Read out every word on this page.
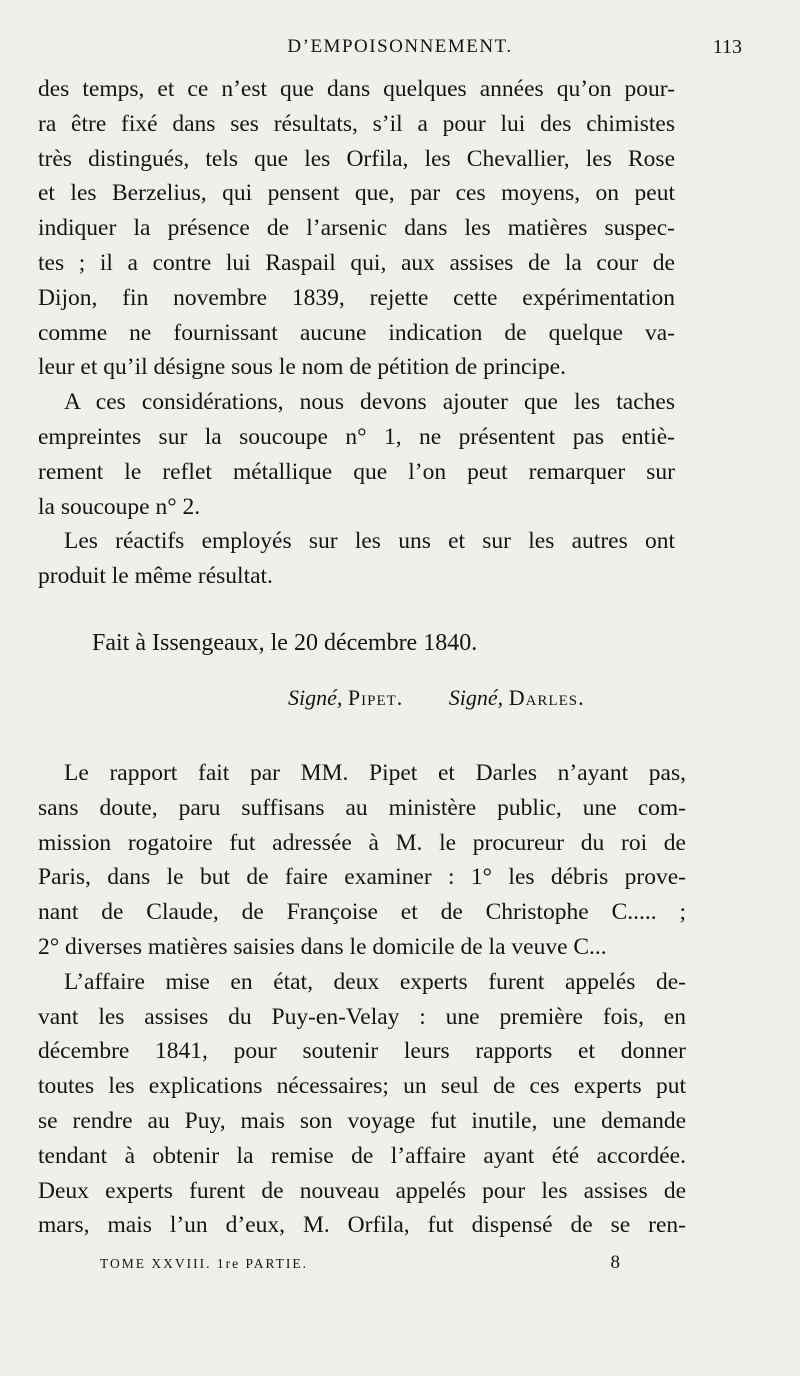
D’EMPOISONNEMENT.	113
des temps, et ce n’est que dans quelques années qu’on pour-
ra être fixé dans ses résultats, s’il a pour lui des chimistes
très distingués, tels que les Orfila, les Chevallier, les Rose
et les Berzelius, qui pensent que, par ces moyens, on peut
indiquer la présence de l’arsenic dans les matières suspec-
tes ; il a contre lui Raspail qui, aux assises de la cour de
Dijon, fin novembre 1839, rejette cette expérimentation
comme ne fournissant aucune indication de quelque va-
leur et qu’il désigne sous le nom de pétition de principe.
A ces considérations, nous devons ajouter que les taches
empreintes sur la soucoupe n° 1, ne présentent pas entiè-
rement le reflet métallique que l’on peut remarquer sur
la soucoupe n° 2.
Les réactifs employés sur les uns et sur les autres ont
produit le même résultat.
Fait à Issengeaux, le 20 décembre 1840.
Signé, Pipet. Signé, Darles.
Le rapport fait par MM. Pipet et Darles n’ayant pas,
sans doute, paru suffisans au ministère public, une com-
mission rogatoire fut adressée à M. le procureur du roi de
Paris, dans le but de faire examiner : 1° les débris prove-
nant de Claude, de Françoise et de Christophe C..... ;
2° diverses matières saisies dans le domicile de la veuve C...
L’affaire mise en état, deux experts furent appelés de-
vant les assises du Puy-en-Velay : une première fois, en
décembre 1841, pour soutenir leurs rapports et donner
toutes les explications nécessaires; un seul de ces experts put
se rendre au Puy, mais son voyage fut inutile, une demande
tendant à obtenir la remise de l’affaire ayant été accordée.
Deux experts furent de nouveau appelés pour les assises de
mars, mais l’un d’eux, M. Orfila, fut dispensé de se ren-
TOME XXVIII. 1re PARTIE.	8
